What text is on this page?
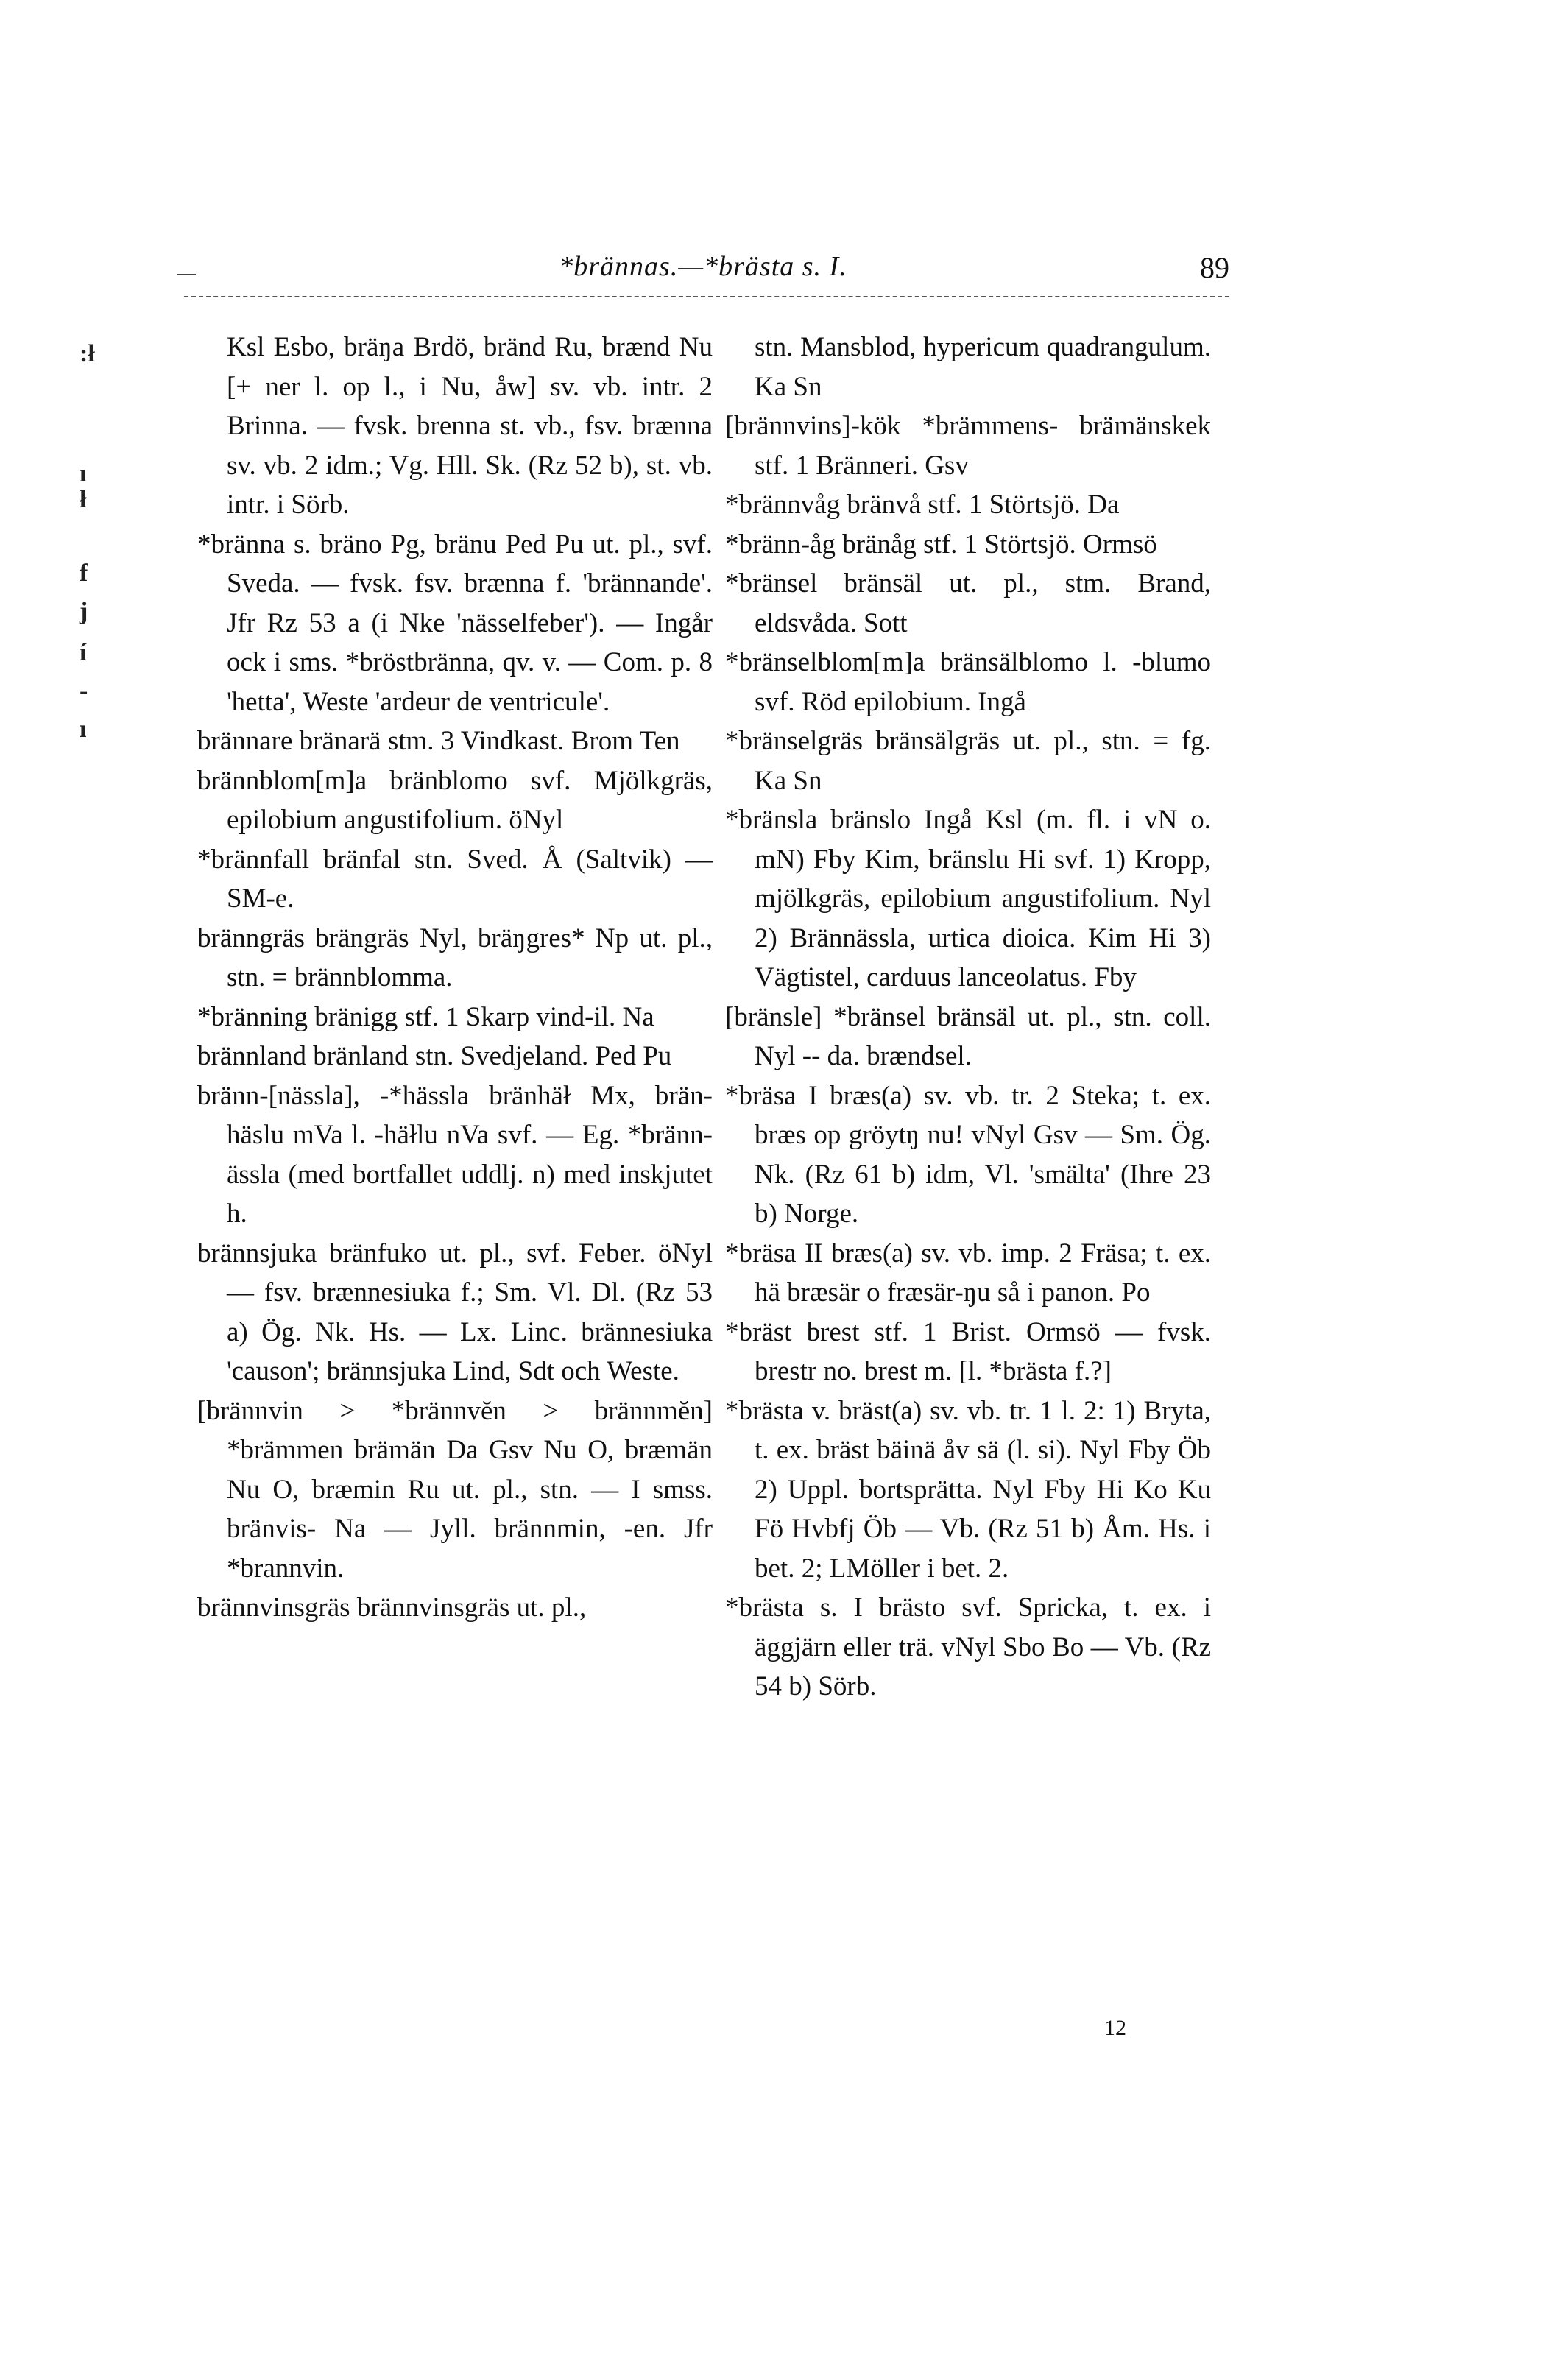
*brännas.—*brästa s. I.	89
:ł
ı
ł
f
j
í
-
ı

Ksl Esbo, bräŋa Brdö, bränd Ru, brænd Nu [+ ner l. op l., i Nu, åw] sv. vb. intr. 2 Brinna. — fvsk. brenna st. vb., fsv. brænna sv. vb. 2 idm.; Vg. Hll. Sk. (Rz 52 b), st. vb. intr. i Sörb.

*bränna s. bräno Pg, bränu Ped Pu ut. pl., svf. Sveda. — fvsk. fsv. brænna f. 'brännande'. Jfr Rz 53 a (i Nke 'nässelfeber'). — Ingår ock i sms. *bröstbränna, qv. v. — Com. p. 8 'hetta', Weste 'ardeur de ventricule'.

brännare bränarä stm. 3 Vindkast. Brom Ten

brännblom[m]a bränblomo svf. Mjölkgräs, epilobium angustifolium. öNyl

*brännfall bränfal stn. Sved. Å (Saltvik) — SM-e.

bränngräs brängräs Nyl, bräŋgres* Np ut. pl., stn. = brännblomma.

*bränning bränigg stf. 1 Skarp vind-il. Na

brännland bränland stn. Svedjeland. Ped Pu

bränn-[nässla], -*hässla bränhäł Mx, brän-häslu mVa l. -häłlu nVa svf. — Eg. *bränn-ässla (med bortfallet uddlj. n) med inskjutet h.

brännsjuka bränfuko ut. pl., svf. Feber. öNyl — fsv. brænnesiuka f.; Sm. Vl. Dl. (Rz 53 a) Ög. Nk. Hs. — Lx. Linc. brännesiuka 'causon'; brännsjuka Lind, Sdt och Weste.

[brännvin > *brännvĕn > brännmĕn] *brämmen brämän Da Gsv Nu O, bræmän Nu O, bræmin Ru ut. pl., stn. — I smss. bränvis- Na — Jyll. brännmin, -en. Jfr *brannvin.

brännvinsgräs brännvinsgräs ut. pl.,

stn. Mansblod, hypericum quadrangulum. Ka Sn

[brännvins]-kök *brämmens- brämänskek stf. 1 Bränneri. Gsv

*brännvåg bränvå stf. 1 Störtsjö. Da

*bränn-åg bränåg stf. 1 Störtsjö. Ormsö

*bränsel bränsäl ut. pl., stm. Brand, eldsvåda. Sott

*bränselblom[m]a bränsälblomo l. -blumo svf. Röd epilobium. Ingå

*bränselgräs bränsälgräs ut. pl., stn. = fg. Ka Sn

*bränsla bränslo Ingå Ksl (m. fl. i vN o. mN) Fby Kim, bränslu Hi svf. 1) Kropp, mjölkgräs, epilobium angustifolium. Nyl 2) Brännässla, urtica dioica. Kim Hi 3) Vägtistel, carduus lanceolatus. Fby

[bränsle] *bränsel bränsäl ut. pl., stn. coll. Nyl -- da. brændsel.

*bräsa I bræs(a) sv. vb. tr. 2 Steka; t. ex. bræs op gröytŋ nu! vNyl Gsv — Sm. Ög. Nk. (Rz 61 b) idm, Vl. 'smälta' (Ihre 23 b) Norge.

*bräsa II bræs(a) sv. vb. imp. 2 Fräsa; t. ex. hä bræsär o fræsär-ŋu så i panon. Po

*bräst brest stf. 1 Brist. Ormsö — fvsk. brestr no. brest m. [l. *brästa f.?]

*brästa v. bräst(a) sv. vb. tr. 1 l. 2: 1) Bryta, t. ex. bräst bäinä åv sä (l. si). Nyl Fby Öb 2) Uppl. bortsprätta. Nyl Fby Hi Ko Ku Fö Hvbfj Öb — Vb. (Rz 51 b) Åm. Hs. i bet. 2; LMöller i bet. 2.

*brästa s. I brästo svf. Spricka, t. ex. i äggjärn eller trä. vNyl Sbo Bo — Vb. (Rz 54 b) Sörb.

12
